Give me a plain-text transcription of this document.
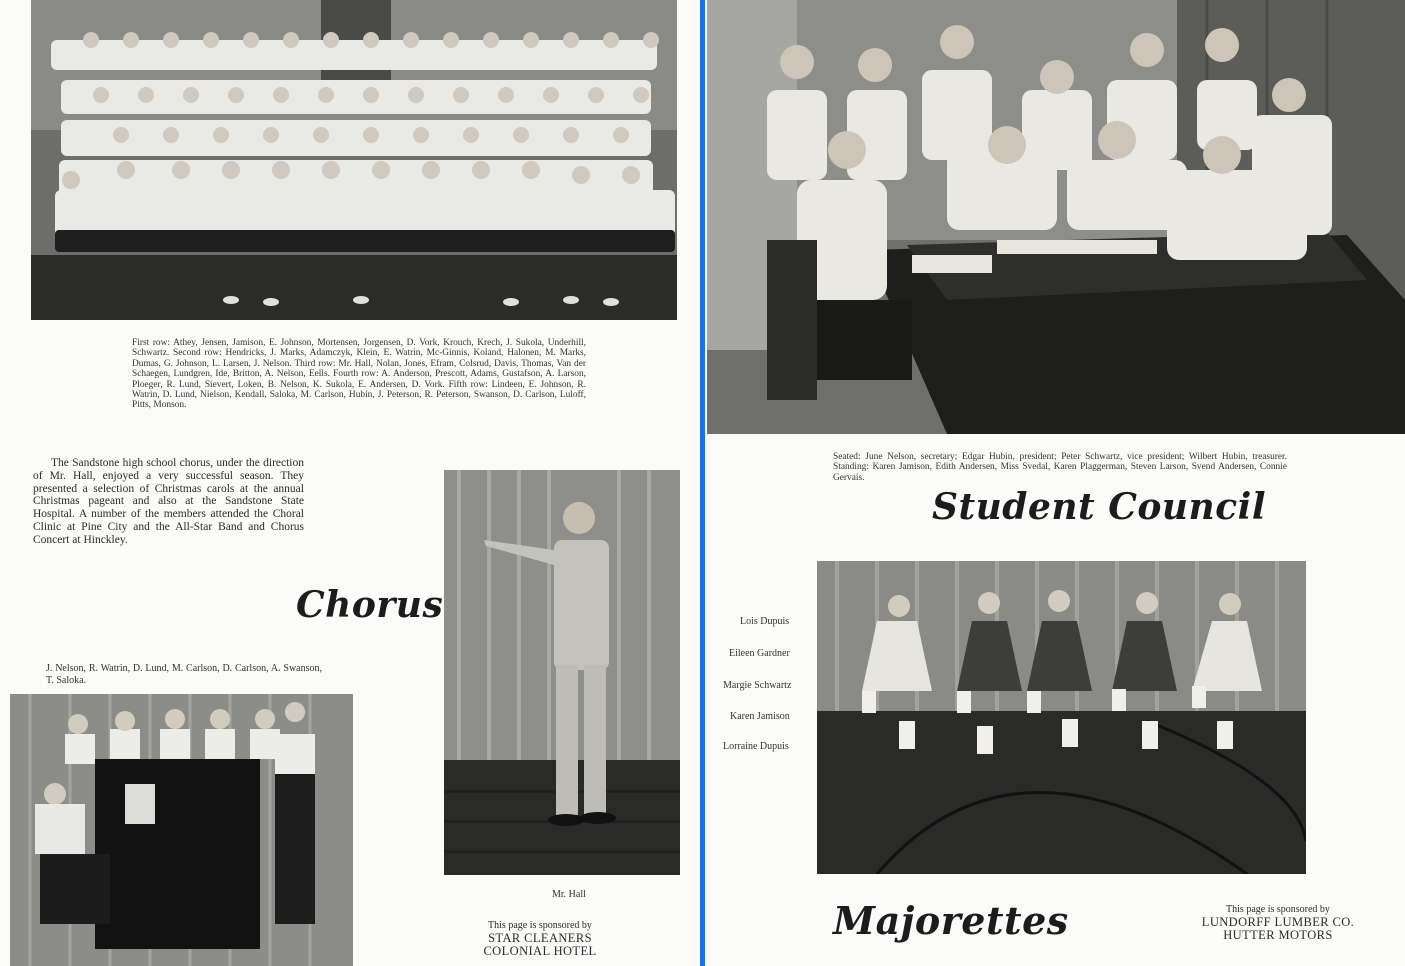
First row: Athey, Jensen, Jamison, E. Johnson, Mortensen, Jorgensen, D. Vork, Krouch, Krech, J. Sukola, Underhill, Schwartz. Second row: Hendricks, J. Marks, Adamczyk, Klein, E. Watrin, Mc-Ginnis, Koland, Halonen, M. Marks, Dumas, G. Johnson, L. Larsen, J. Nelson. Third row: Mr. Hall, Nolan, Jones, Efram, Colsrud, Davis, Thomas, Van der Schaegen, Lundgren, Ide, Britton, A. Nelson, Eells. Fourth row: A. Anderson, Prescott, Adams, Gustafson, A. Larson, Ploeger, R. Lund, Sievert, Loken, B. Nelson, K. Sukola, E. Andersen, D. Vork. Fifth row: Lindeen, E. Johnson, R. Watrin, D. Lund, Nielson, Kendall, Saloka, M. Carlson, Hubin, J. Peterson, R. Peterson, Swanson, D. Carlson, Luloff, Pitts, Monson.

The Sandstone high school chorus, under the direction of Mr. Hall, enjoyed a very successful season. They presented a selection of Christmas carols at the annual Christmas pageant and also at the Sandstone State Hospital. A number of the members attended the Choral Clinic at Pine City and the All-Star Band and Chorus Concert at Hinckley.

Chorus

J. Nelson, R. Watrin, D. Lund, M. Carlson, D. Carlson, A. Swanson, T. Saloka.

Mr. Hall
This page is sponsored by
STAR CLEANERS
COLONIAL HOTEL

Seated: June Nelson, secretary; Edgar Hubin, president; Peter Schwartz, vice president; Wilbert Hubin, treasurer. Standing: Karen Jamison, Edith Andersen, Miss Svedal, Karen Plaggerman, Steven Larson, Svend Andersen, Connie Gervais.

Student Council
Lois Dupuis
Eileen Gardner
Margie Schwartz
Karen Jamison
Lorraine Dupuis
Majorettes	This page is sponsored by
LUNDORFF LUMBER CO.
HUTTER MOTORS
